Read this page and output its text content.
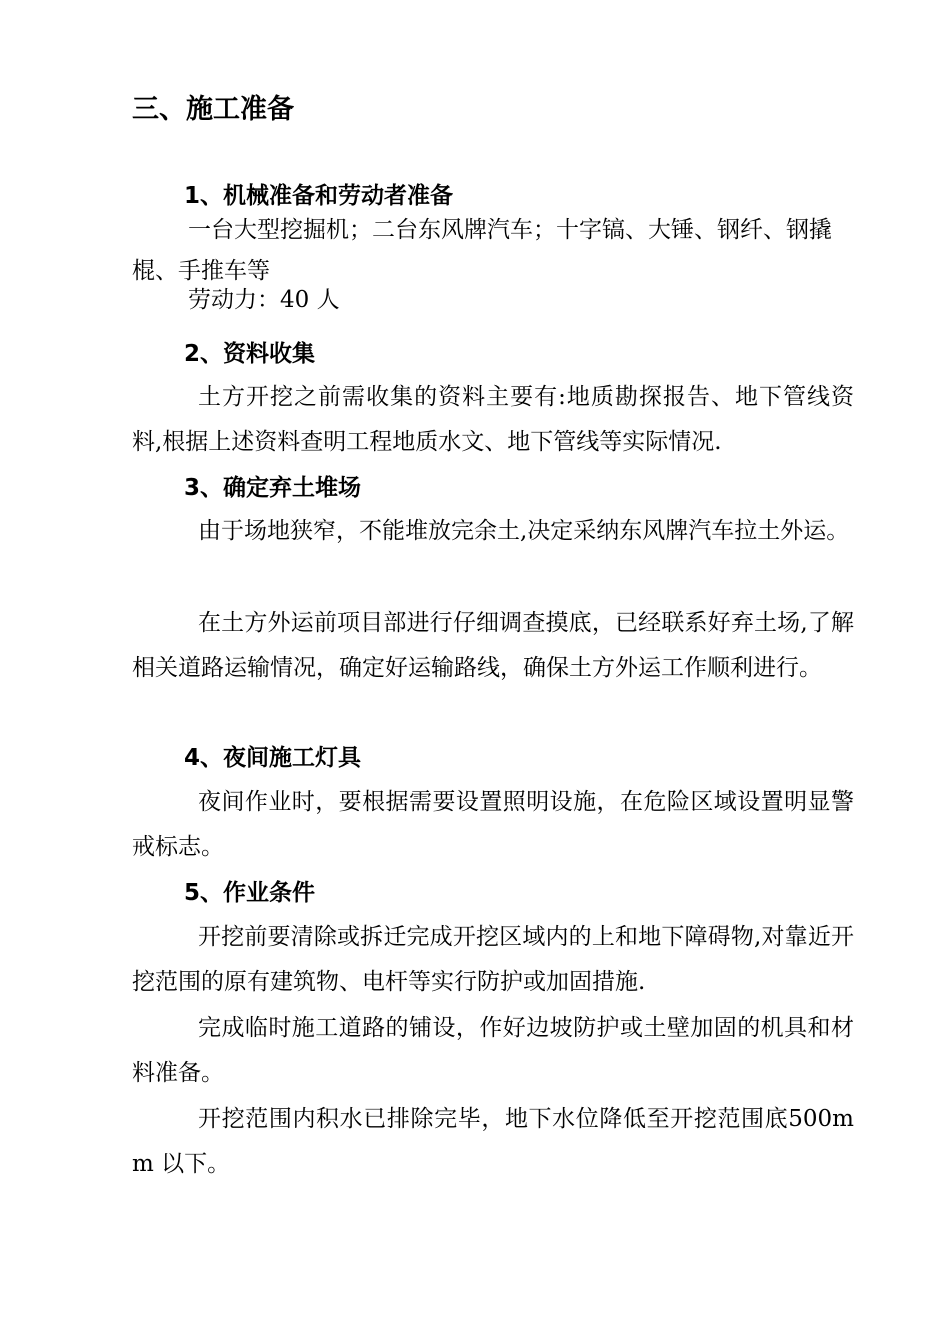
三、施工准备
1、机械准备和劳动者准备
一台大型挖掘机；二台东风牌汽车；十字镐、大锤、钢纤、钢撬棍、手推车等
劳动力：40 人
2、资料收集
土方开挖之前需收集的资料主要有:地质勘探报告、地下管线资料,根据上述资料查明工程地质水文、地下管线等实际情况.
3、确定弃土堆场
由于场地狭窄，不能堆放完余土,决定采纳东风牌汽车拉土外运。
在土方外运前项目部进行仔细调查摸底，已经联系好弃土场,了解相关道路运输情况，确定好运输路线，确保土方外运工作顺利进行。
4、夜间施工灯具
夜间作业时，要根据需要设置照明设施，在危险区域设置明显警戒标志。
5、作业条件
开挖前要清除或拆迁完成开挖区域内的上和地下障碍物,对靠近开挖范围的原有建筑物、电杆等实行防护或加固措施.
完成临时施工道路的铺设，作好边坡防护或土壁加固的机具和材料准备。
开挖范围内积水已排除完毕，地下水位降低至开挖范围底500mm 以下。
